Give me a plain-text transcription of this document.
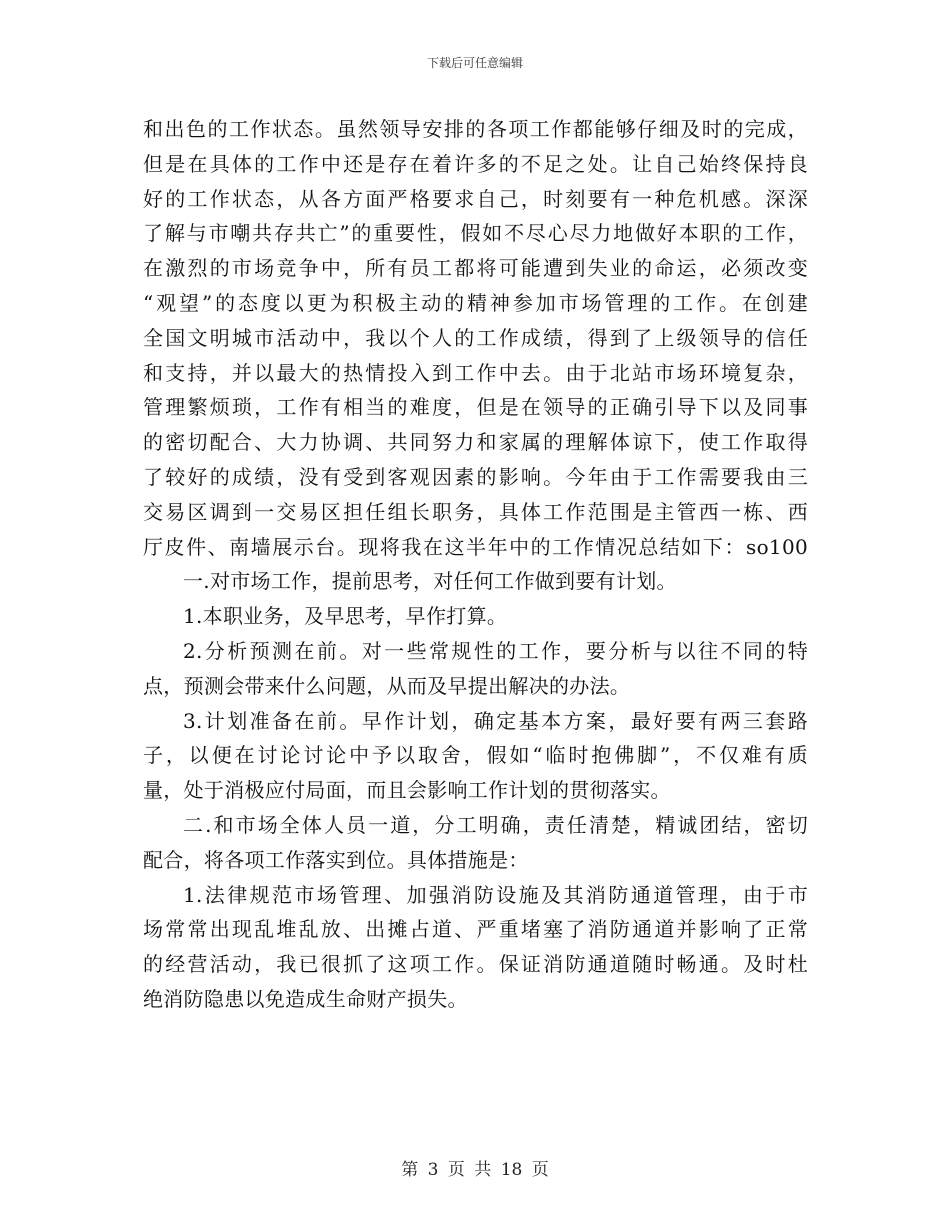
下载后可任意编辑
和出色的工作状态。虽然领导安排的各项工作都能够仔细及时的完成，
但是在具体的工作中还是存在着许多的不足之处。让自己始终保持良
好的工作状态，从各方面严格要求自己，时刻要有一种危机感。深深
了解与市嘲共存共亡”的重要性，假如不尽心尽力地做好本职的工作，
在激烈的市场竞争中，所有员工都将可能遭到失业的命运，必须改变
“观望”的态度以更为积极主动的精神参加市场管理的工作。在创建
全国文明城市活动中，我以个人的工作成绩，得到了上级领导的信任
和支持，并以最大的热情投入到工作中去。由于北站市场环境复杂，
管理繁烦琐，工作有相当的难度，但是在领导的正确引导下以及同事
的密切配合、大力协调、共同努力和家属的理解体谅下，使工作取得
了较好的成绩，没有受到客观因素的影响。今年由于工作需要我由三
交易区调到一交易区担任组长职务，具体工作范围是主管西一栋、西
厅皮件、南墙展示台。现将我在这半年中的工作情况总结如下：so100
一.对市场工作，提前思考，对任何工作做到要有计划。
1.本职业务，及早思考，早作打算。
2.分析预测在前。对一些常规性的工作，要分析与以往不同的特
点，预测会带来什么问题，从而及早提出解决的办法。
3.计划准备在前。早作计划，确定基本方案，最好要有两三套路
子，以便在讨论讨论中予以取舍，假如“临时抱佛脚”，不仅难有质
量，处于消极应付局面，而且会影响工作计划的贯彻落实。
二.和市场全体人员一道，分工明确，责任清楚，精诚团结，密切
配合，将各项工作落实到位。具体措施是：
1.法律规范市场管理、加强消防设施及其消防通道管理，由于市
场常常出现乱堆乱放、出摊占道、严重堵塞了消防通道并影响了正常
的经营活动，我已很抓了这项工作。保证消防通道随时畅通。及时杜
绝消防隐患以免造成生命财产损失。
第 3 页 共 18 页
